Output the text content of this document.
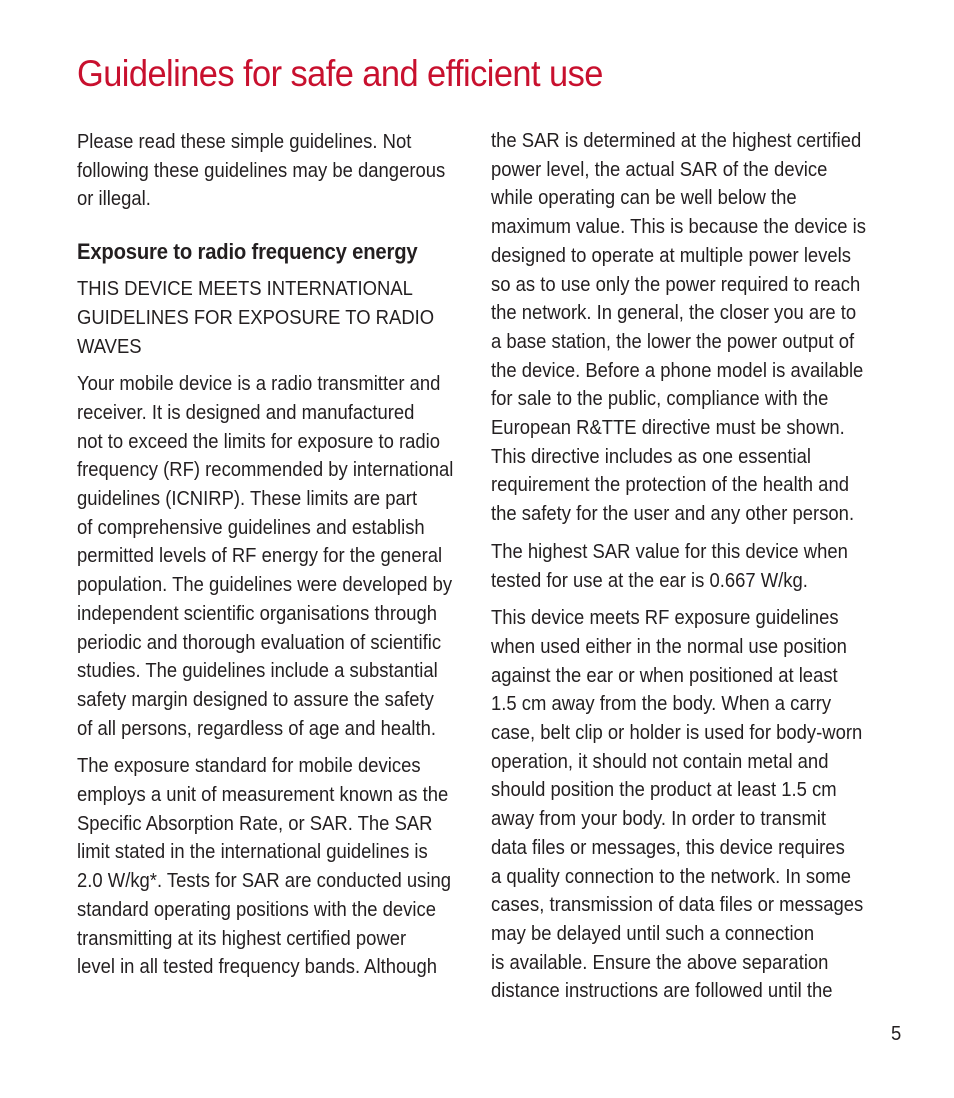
Guidelines for safe and efficient use

Please read these simple guidelines. Not
following these guidelines may be dangerous
or illegal.

Exposure to radio frequency energy

THIS DEVICE MEETS INTERNATIONAL
GUIDELINES FOR EXPOSURE TO RADIO
WAVES

Your mobile device is a radio transmitter and
receiver. It is designed and manufactured
not to exceed the limits for exposure to radio
frequency (RF) recommended by international
guidelines (ICNIRP). These limits are part
of comprehensive guidelines and establish
permitted levels of RF energy for the general
population. The guidelines were developed by
independent scientific organisations through
periodic and thorough evaluation of scientific
studies. The guidelines include a substantial
safety margin designed to assure the safety
of all persons, regardless of age and health.

The exposure standard for mobile devices
employs a unit of measurement known as the
Specific Absorption Rate, or SAR. The SAR
limit stated in the international guidelines is
2.0 W/kg*. Tests for SAR are conducted using
standard operating positions with the device
transmitting at its highest certified power
level in all tested frequency bands. Although

the SAR is determined at the highest certified
power level, the actual SAR of the device
while operating can be well below the
maximum value. This is because the device is
designed to operate at multiple power levels
so as to use only the power required to reach
the network. In general, the closer you are to
a base station, the lower the power output of
the device. Before a phone model is available
for sale to the public, compliance with the
European R&TTE directive must be shown.
This directive includes as one essential
requirement the protection of the health and
the safety for the user and any other person.

The highest SAR value for this device when
tested for use at the ear is 0.667 W/kg.

This device meets RF exposure guidelines
when used either in the normal use position
against the ear or when positioned at least
1.5 cm away from the body. When a carry
case, belt clip or holder is used for body-worn
operation, it should not contain metal and
should position the product at least 1.5 cm
away from your body. In order to transmit
data files or messages, this device requires
a quality connection to the network. In some
cases, transmission of data files or messages
may be delayed until such a connection
is available. Ensure the above separation
distance instructions are followed until the

5
